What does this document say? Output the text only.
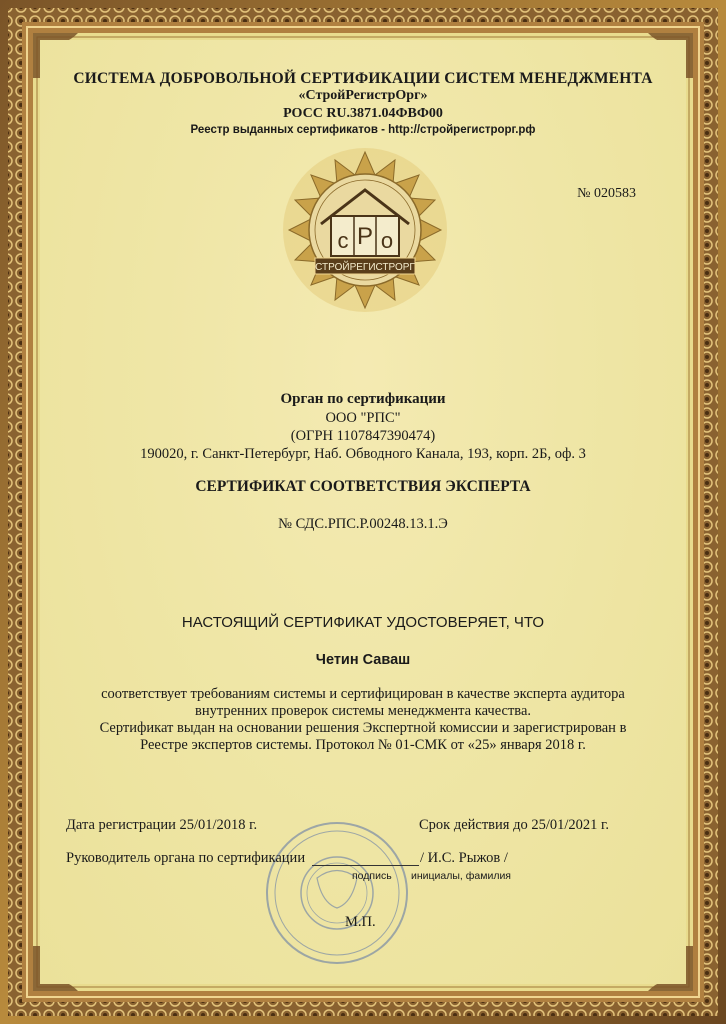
c P o
СТРОЙРЕГИСТРОРГ
СИСТЕМА ДОБРОВОЛЬНОЙ СЕРТИФИКАЦИИ СИСТЕМ МЕНЕДЖМЕНТА
«СтройРегистрОрг»
РОСС RU.3871.04ФВФ00
Реестр выданных сертификатов - http://стройрегистрорг.рф
№ 020583
Орган по сертификации
ООО "РПС"
(ОГРН 1107847390474)
190020, г. Санкт-Петербург, Наб. Обводного Канала, 193, корп. 2Б, оф. 3
СЕРТИФИКАТ СООТВЕТСТВИЯ ЭКСПЕРТА
№ СДС.РПС.Р.00248.13.1.Э
НАСТОЯЩИЙ СЕРТИФИКАТ УДОСТОВЕРЯЕТ, ЧТО
Четин Саваш
соответствует требованиям системы и сертифицирован в качестве эксперта аудитора
внутренних проверок системы менеджмента качества.
Сертификат выдан на основании решения Экспертной комиссии и зарегистрирован в
Реестре экспертов системы. Протокол № 01-СМК от «25» января 2018 г.
Дата регистрации 25/01/2018 г.	Срок действия до 25/01/2021 г.
Руководитель органа по сертификации	/ И.С. Рыжов /
подпись инициалы, фамилия
М.П.
